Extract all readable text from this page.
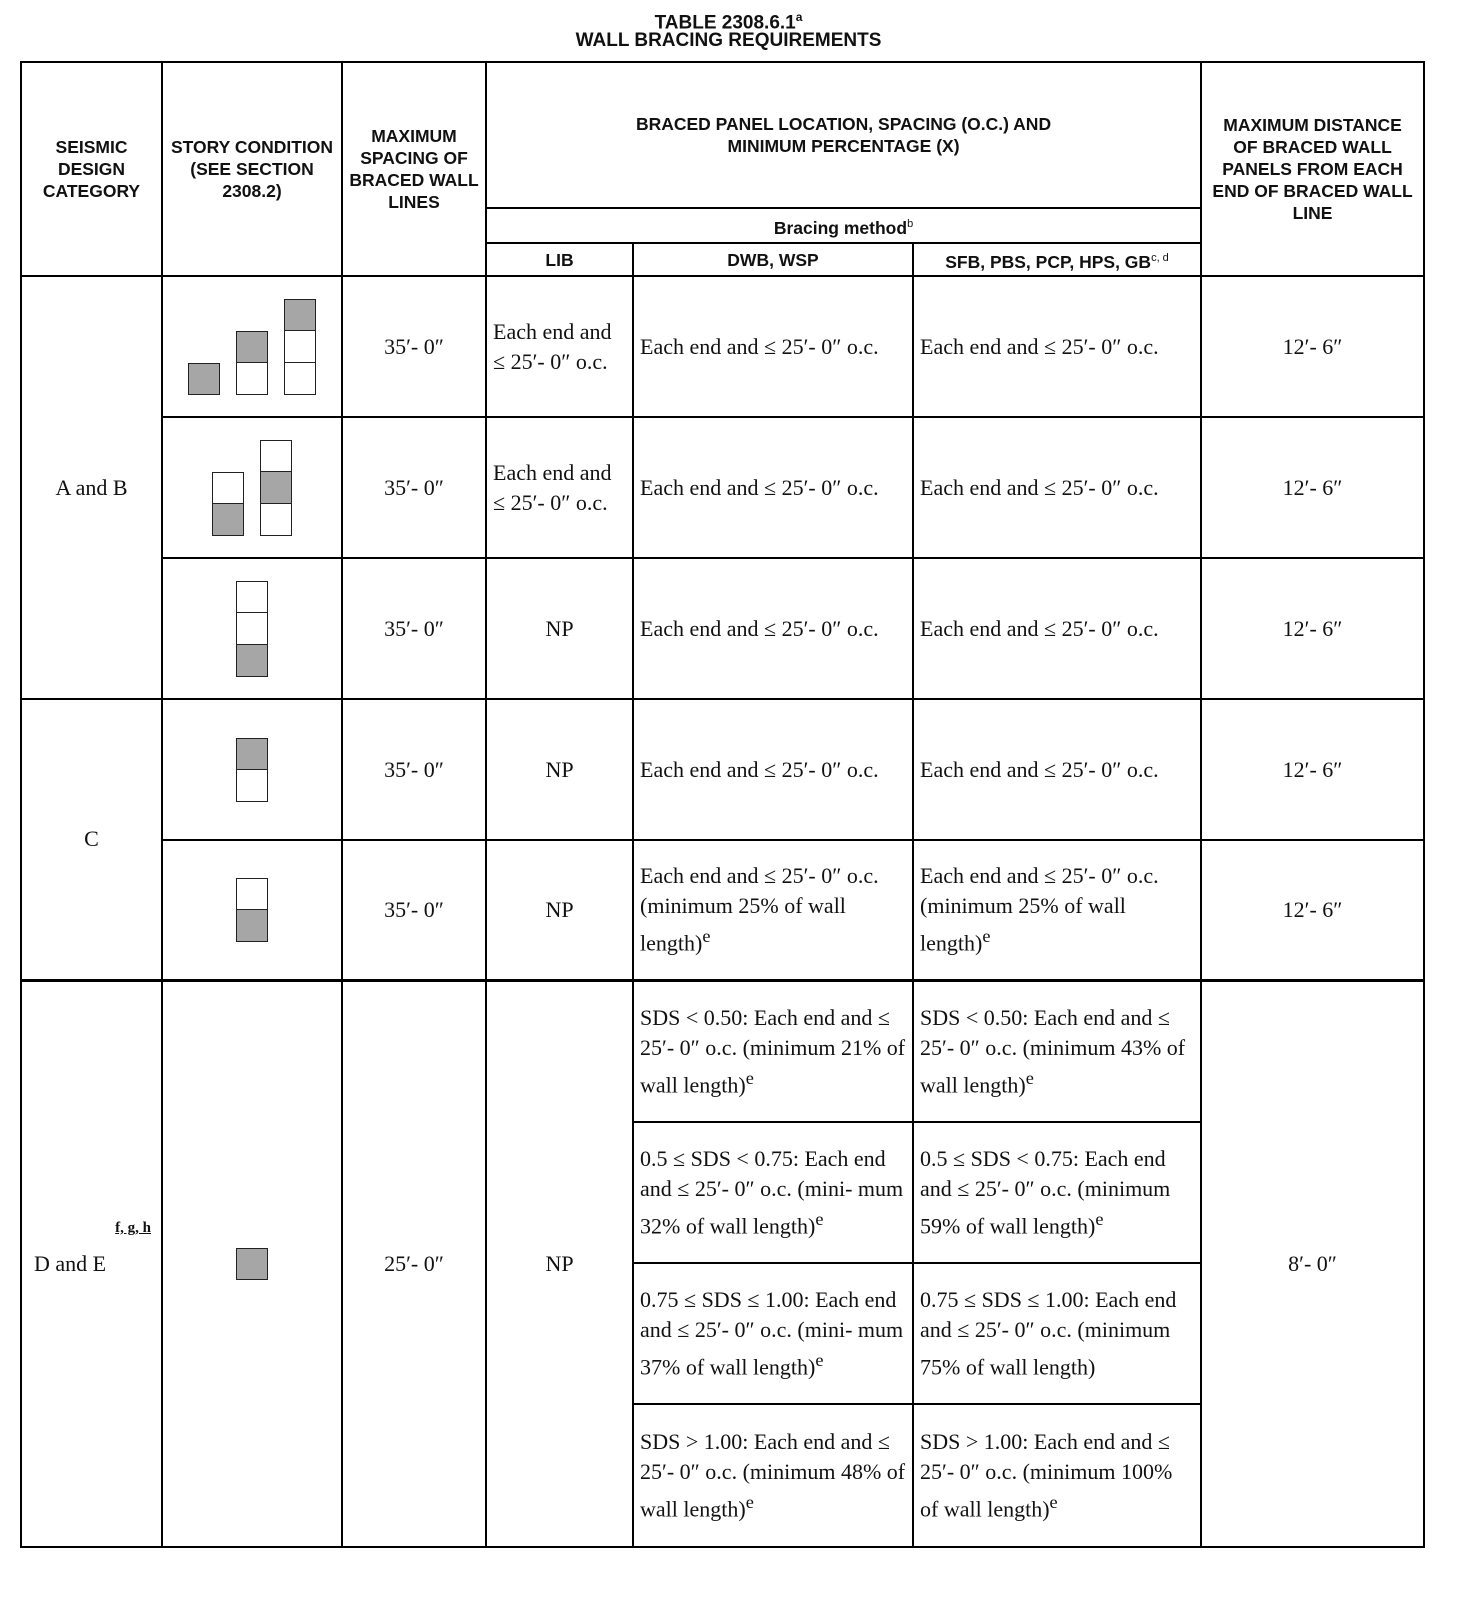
TABLE 2308.6.1$^a$
WALL BRACING REQUIREMENTS
SEISMIC DESIGN CATEGORY	STORY CONDITION (SEE SECTION 2308.2)	MAXIMUM SPACING OF BRACED WALL LINES	BRACED PANEL LOCATION, SPACING (O.C.) AND MINIMUM PERCENTAGE (X)			MAXIMUM DISTANCE OF BRACED WALL PANELS FROM EACH END OF BRACED WALL LINE
			Bracing method$^b$
			LIB	DWB, WSP	SFB, PBS, PCP, HPS, GB$^{c, d}$
A and B		35′- 0″	Each end and ≤ 25′- 0″ o.c.	Each end and ≤ 25′- 0″ o.c.	Each end and ≤ 25′- 0″ o.c.	12′- 6″

		35′- 0″	Each end and ≤ 25′- 0″ o.c.	Each end and ≤ 25′- 0″ o.c.	Each end and ≤ 25′- 0″ o.c.	12′- 6″

		35′- 0″	NP	Each end and ≤ 25′- 0″ o.c.	Each end and ≤ 25′- 0″ o.c.	12′- 6″
C		35′- 0″	NP	Each end and ≤ 25′- 0″ o.c.	Each end and ≤ 25′- 0″ o.c.	12′- 6″

		35′- 0″	NP	Each end and ≤ 25′- 0″ o.c. (minimum 25% of wall length)$^e$	Each end and ≤ 25′- 0″ o.c. (minimum 25% of wall length)$^e$	12′- 6″

f, g, h
D and E		25′- 0″	NP	SDS < 0.50: Each end and ≤ 25′- 0″ o.c. (minimum 21% of wall length)$^e$	SDS < 0.50: Each end and ≤ 25′- 0″ o.c. (minimum 43% of wall length)$^e$	8′- 0″
				0.5 ≤ SDS < 0.75: Each end and ≤ 25′- 0″ o.c. (mini- mum 32% of wall length)$^e$	0.5 ≤ SDS < 0.75: Each end and ≤ 25′- 0″ o.c. (minimum 59% of wall length)$^e$
				0.75 ≤ SDS ≤ 1.00: Each end and ≤ 25′- 0″ o.c. (mini- mum 37% of wall length)$^e$	0.75 ≤ SDS ≤ 1.00: Each end and ≤ 25′- 0″ o.c. (minimum 75% of wall length)	
				SDS > 1.00: Each end and ≤ 25′- 0″ o.c. (minimum 48% of wall length)$^e$	SDS > 1.00: Each end and ≤ 25′- 0″ o.c. (minimum 100% of wall length)$^e$
